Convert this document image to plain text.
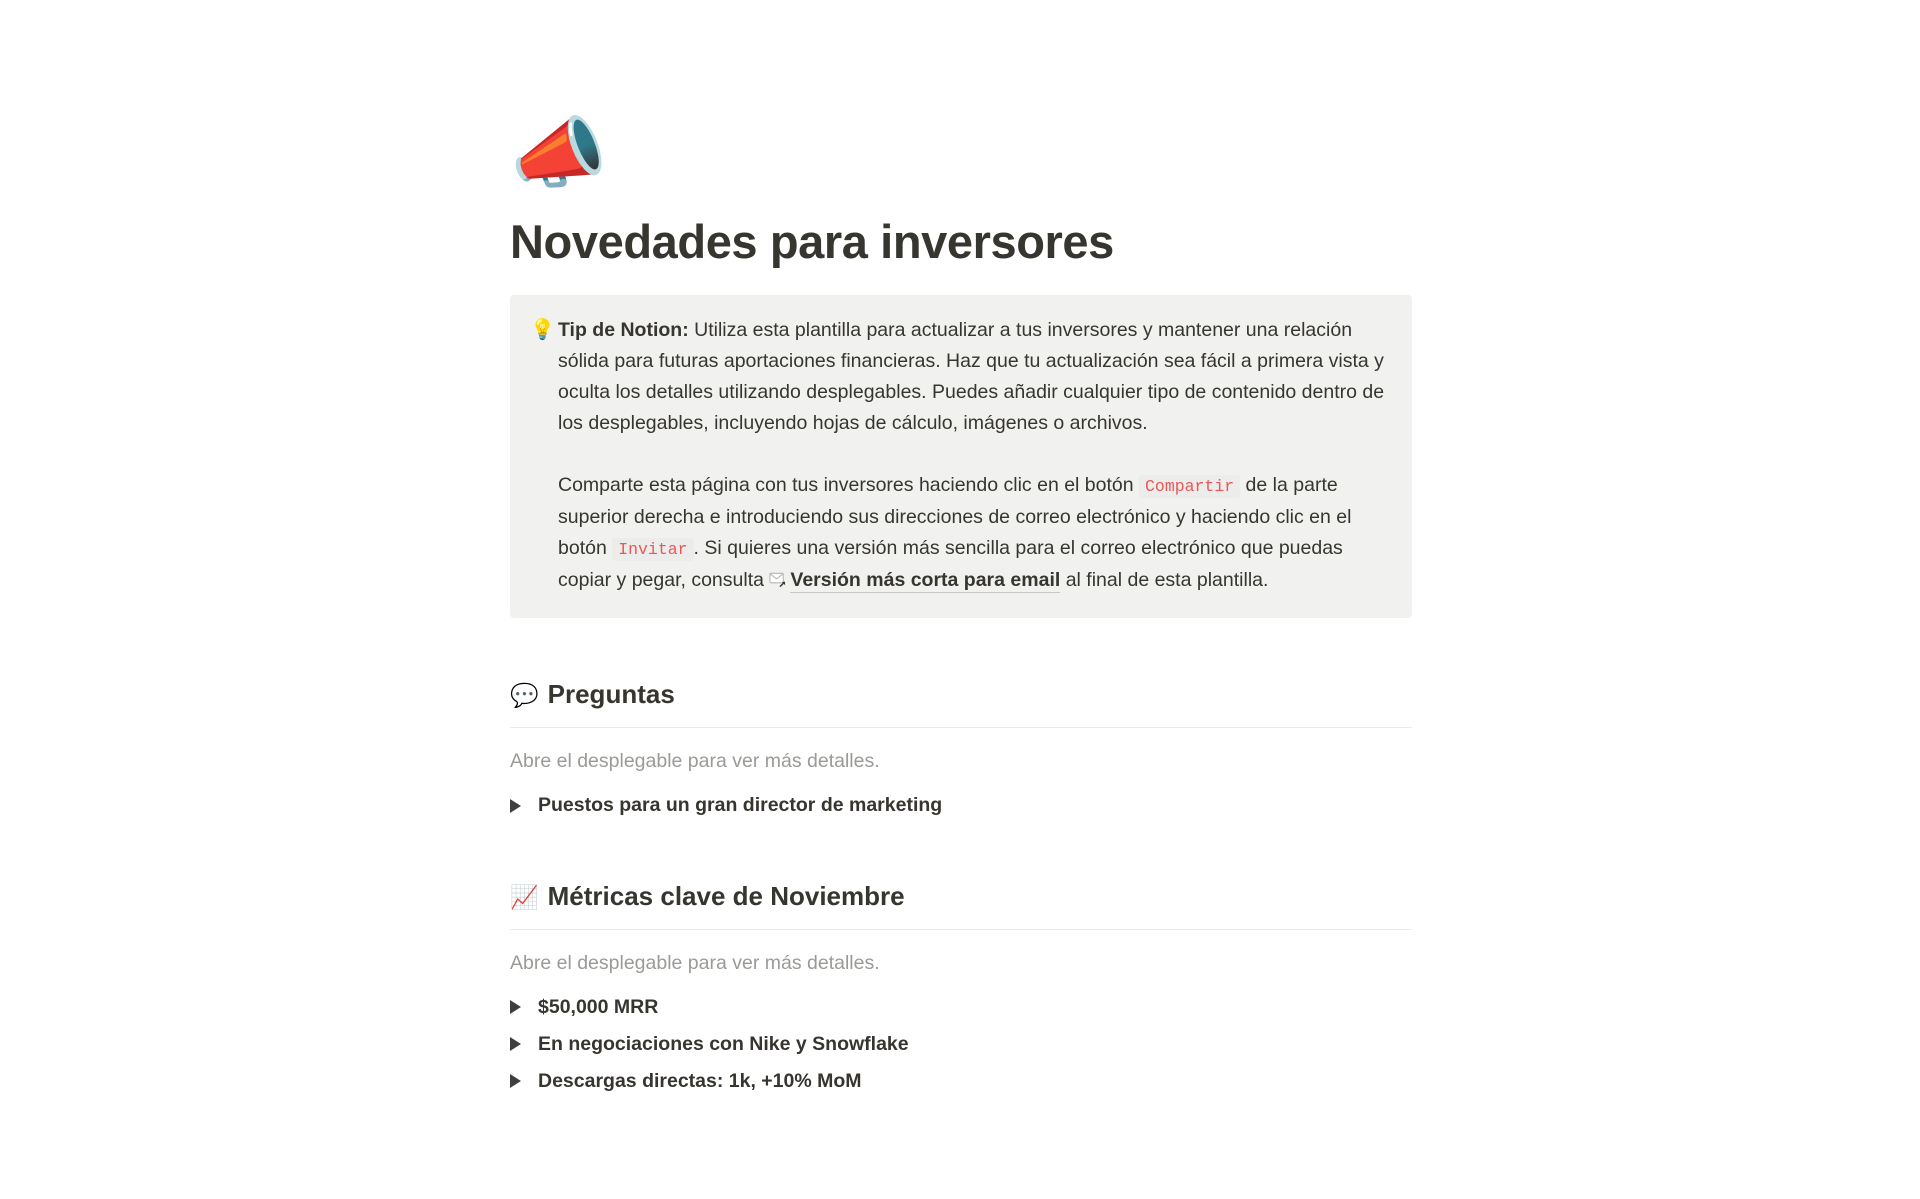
📣
Novedades para inversores
💡 Tip de Notion: Utiliza esta plantilla para actualizar a tus inversores y mantener una relación sólida para futuras aportaciones financieras. Haz que tu actualización sea fácil a primera vista y oculta los detalles utilizando desplegables. Puedes añadir cualquier tipo de contenido dentro de los desplegables, incluyendo hojas de cálculo, imágenes o archivos.

Comparte esta página con tus inversores haciendo clic en el botón Compartir de la parte superior derecha e introduciendo sus direcciones de correo electrónico y haciendo clic en el botón Invitar . Si quieres una versión más sencilla para el correo electrónico que puedas copiar y pegar, consulta
Versión más corta para email al final de esta plantilla.

💬 Preguntas

Abre el desplegable para ver más detalles.

Puestos para un gran director de marketing
📈 Métricas clave de Noviembre

Abre el desplegable para ver más detalles.

$50,000 MRR
En negociaciones con Nike y Snowflake
Descargas directas: 1k, +10% MoM
